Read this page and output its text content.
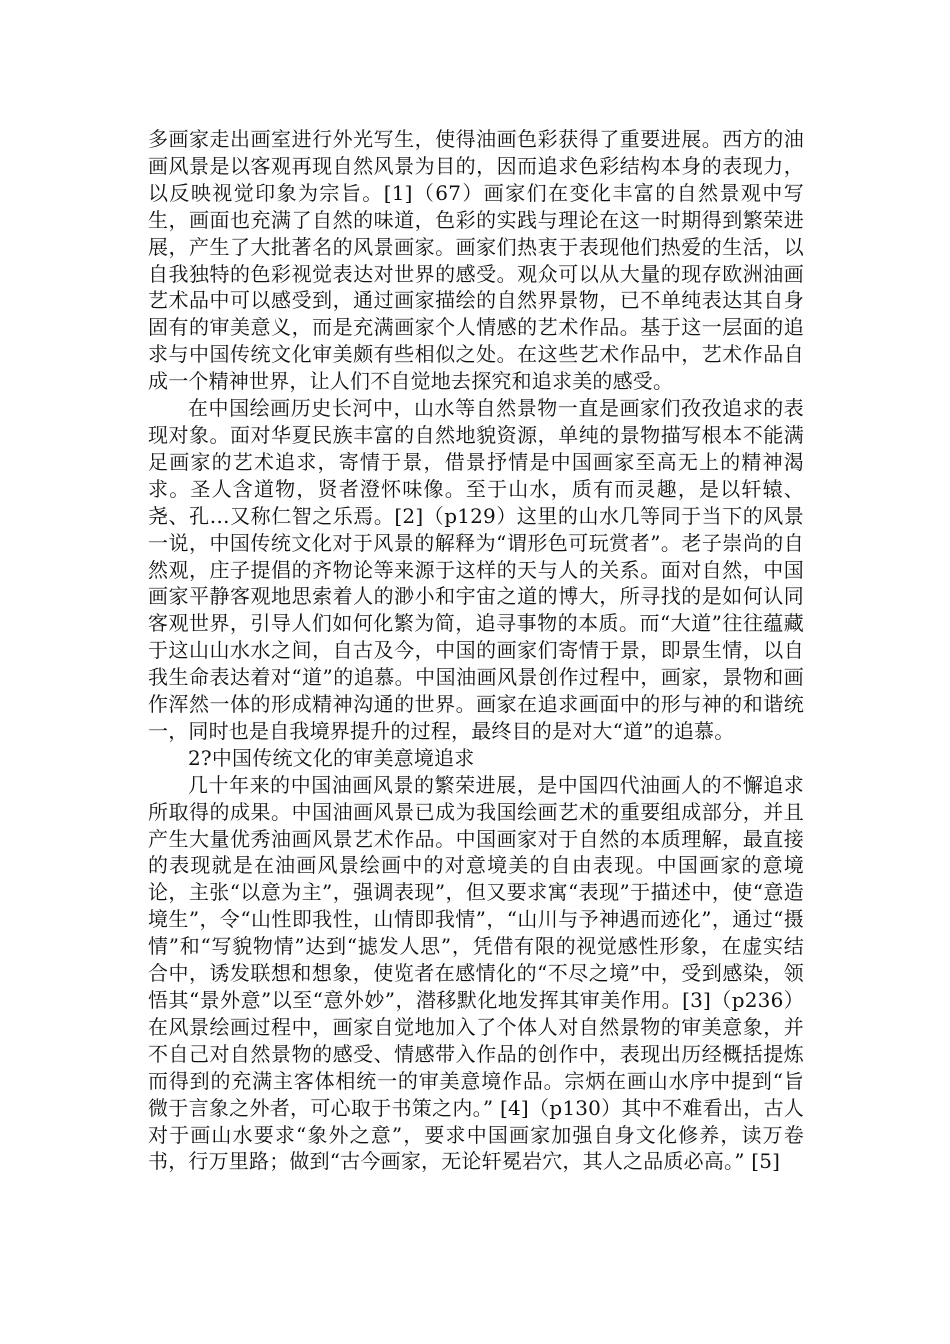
多画家走出画室进行外光写生，使得油画色彩获得了重要进展。西方的油画风景是以客观再现自然风景为目的，因而追求色彩结构本身的表现力， 以反映视觉印象为宗旨。[1]（67）画家们在变化丰富的自然景观中写生，画面也充满了自然的味道，色彩的实践与理论在这一时期得到繁荣进展，产生了大批著名的风景画家。画家们热衷于表现他们热爱的生活，以自我独特的色彩视觉表达对世界的感受。观众可以从大量的现存欧洲油画艺术品中可以感受到，通过画家描绘的自然界景物，已不单纯表达其自身固有的审美意义，而是充满画家个人情感的艺术作品。基于这一层面的追求与中国传统文化审美颇有些相似之处。在这些艺术作品中，艺术作品自成一个精神世界，让人们不自觉地去探究和追求美的感受。

在中国绘画历史长河中，山水等自然景物一直是画家们孜孜追求的表现对象。面对华夏民族丰富的自然地貌资源，单纯的景物描写根本不能满足画家的艺术追求，寄情于景，借景抒情是中国画家至高无上的精神渴求。圣人含道物，贤者澄怀味像。至于山水，质有而灵趣，是以轩辕、尧、孔…又称仁智之乐焉。[2]（p129）这里的山水几等同于当下的风景一说，中国传统文化对于风景的解释为“谓形色可玩赏者”。老子崇尚的自然观，庄子提倡的齐物论等来源于这样的天与人的关系。面对自然，中国画家平静客观地思索着人的渺小和宇宙之道的博大，所寻找的是如何认同客观世界，引导人们如何化繁为简，追寻事物的本质。而“大道”往往蕴藏于这山山水水之间，自古及今，中国的画家们寄情于景，即景生情，以自我生命表达着对“道”的追慕。中国油画风景创作过程中，画家，景物和画作浑然一体的形成精神沟通的世界。画家在追求画面中的形与神的和谐统一，同时也是自我境界提升的过程，最终目的是对大“道”的追慕。

2?中国传统文化的审美意境追求

几十年来的中国油画风景的繁荣进展，是中国四代油画人的不懈追求所取得的成果。中国油画风景已成为我国绘画艺术的重要组成部分，并且产生大量优秀油画风景艺术作品。中国画家对于自然的本质理解，最直接的表现就是在油画风景绘画中的对意境美的自由表现。中国画家的意境论，主张“以意为主”，强调表现”，但又要求寓“表现”于描述中，使“意造境生”，令“山性即我性，山情即我情”，“山川与予神遇而迹化”，通过“摄情”和“写貌物情”达到“摅发人思”，凭借有限的视觉感性形象，在虚实结合中，诱发联想和想象，使览者在感情化的“不尽之境”中，受到感染，领悟其“景外意”以至“意外妙”，潜移默化地发挥其审美作用。[3]（p236）在风景绘画过程中，画家自觉地加入了个体人对自然景物的审美意象，并不自己对自然景物的感受、情感带入作品的创作中，表现出历经概括提炼而得到的充满主客体相统一的审美意境作品。宗炳在画山水序中提到“旨微于言象之外者，可心取于书策之内。” [4]（p130）其中不难看出，古人对于画山水要求“象外之意”，要求中国画家加强自身文化修养，读万卷书，行万里路；做到“古今画家，无论轩冕岩穴，其人之品质必高。” [5]
